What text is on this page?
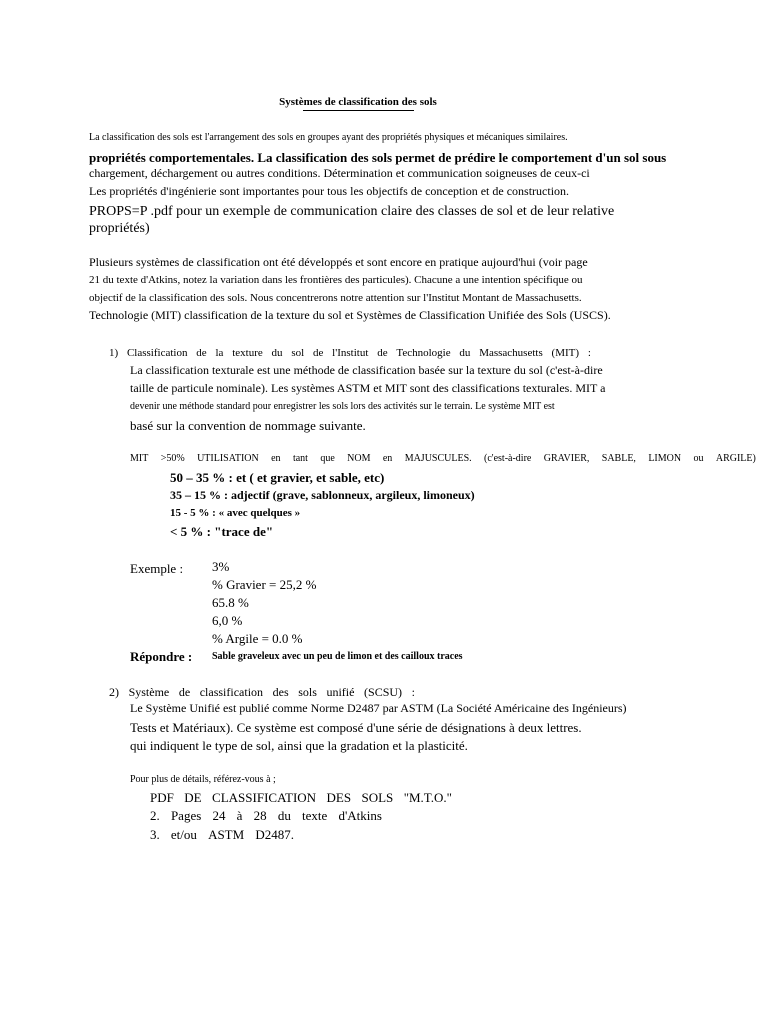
Systèmes de classification des sols
La classification des sols est l'arrangement des sols en groupes ayant des propriétés physiques et mécaniques similaires.
propriétés comportementales. La classification des sols permet de prédire le comportement d'un sol sous
chargement, déchargement ou autres conditions. Détermination et communication soigneuses de ceux-ci
Les propriétés d'ingénierie sont importantes pour tous les objectifs de conception et de construction.
PROPS=P .pdf pour un exemple de communication claire des classes de sol et de leur relative
propriétés)
Plusieurs systèmes de classification ont été développés et sont encore en pratique aujourd'hui (voir page
21 du texte d'Atkins, notez la variation dans les frontières des particules). Chacune a une intention spécifique ou
objectif de la classification des sols. Nous concentrerons notre attention sur l'Institut Montant de Massachusetts.
Technologie (MIT) classification de la texture du sol et Systèmes de Classification Unifiée des Sols (USCS).
1) Classification de la texture du sol de l'Institut de Technologie du Massachusetts (MIT) :
La classification texturale est une méthode de classification basée sur la texture du sol (c'est-à-dire
taille de particule nominale). Les systèmes ASTM et MIT sont des classifications texturales. MIT a
devenir une méthode standard pour enregistrer les sols lors des activités sur le terrain. Le système MIT est
basé sur la convention de nommage suivante.
MIT >50% UTILISATION en tant que NOM en MAJUSCULES. (c'est-à-dire GRAVIER, SABLE, LIMON ou ARGILE)
50 – 35 % : et ( et gravier, et sable, etc)
35 – 15 % : adjectif (grave, sablonneux, argileux, limoneux)
15 - 5 % : « avec quelques »
< 5 % : "trace de"
Exemple : 3%
% Gravier = 25,2 %
65.8 %
6,0 %
% Argile = 0.0 %
Répondre : Sable graveleux avec un peu de limon et des cailloux traces
2) Système de classification des sols unifié (SCSU) :
Le Système Unifié est publié comme Norme D2487 par ASTM (La Société Américaine des Ingénieurs)
Tests et Matériaux). Ce système est composé d'une série de désignations à deux lettres.
qui indiquent le type de sol, ainsi que la gradation et la plasticité.
Pour plus de détails, référez-vous à ;
PDF DE CLASSIFICATION DES SOLS "M.T.O."
2. Pages 24 à 28 du texte d'Atkins
3. et/ou ASTM D2487.
